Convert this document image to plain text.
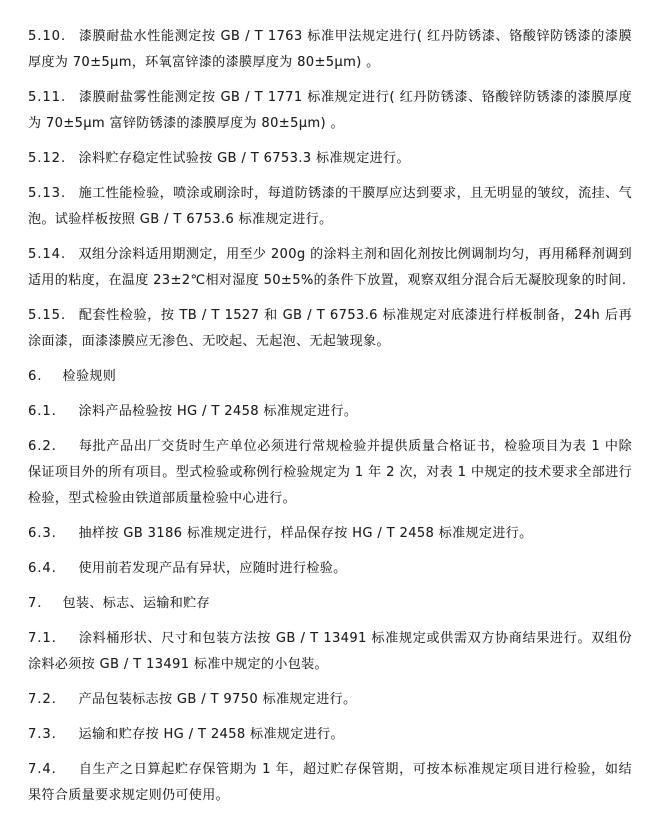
5.10. 漆膜耐盐水性能测定按 GB / T 1763 标准甲法规定进行( 红丹防锈漆、铬酸锌防锈漆的漆膜厚度为 70±5μm，环氧富锌漆的漆膜厚度为 80±5μm) 。

5.11. 漆膜耐盐雾性能测定按 GB / T 1771 标准规定进行( 红丹防锈漆、铬酸锌防锈漆的漆膜厚度为 70±5μm 富锌防锈漆的漆膜厚度为 80±5μm) 。

5.12. 涂料贮存稳定性试验按 GB / T 6753.3 标准规定进行。

5.13. 施工性能检验，喷涂或刷涂时，每道防锈漆的干膜厚应达到要求，且无明显的皱纹，流挂、气泡。试验样板按照 GB / T 6753.6 标准规定进行。

5.14. 双组分涂料适用期测定，用至少 200g 的涂料主剂和固化剂按比例调制均匀，再用稀释剂调到适用的粘度，在温度 23±2℃相对湿度 50±5%的条件下放置，观察双组分混合后无凝胶现象的时间.

5.15. 配套性检验，按 TB / T 1527 和 GB / T 6753.6 标准规定对底漆进行样板制备，24h 后再涂面漆，面漆漆膜应无渗色、无咬起、无起泡、无起皱现象。

6. 检验规则

6.1. 涂料产品检验按 HG / T 2458 标准规定进行。

6.2. 每批产品出厂交货时生产单位必须进行常规检验并提供质量合格证书，检验项目为表 1 中除保证项目外的所有项目。型式检验或称例行检验规定为 1 年 2 次，对表 1 中规定的技术要求全部进行检验，型式检验由铁道部质量检验中心进行。

6.3. 抽样按 GB 3186 标准规定进行，样品保存按 HG / T 2458 标准规定进行。

6.4. 使用前若发现产品有异状，应随时进行检验。

7. 包装、标志、运输和贮存

7.1. 涂料桶形状、尺寸和包装方法按 GB / T 13491 标准规定或供需双方协商结果进行。双组份涂料必须按 GB / T 13491 标准中规定的小包装。

7.2. 产品包装标志按 GB / T 9750 标准规定进行。

7.3. 运输和贮存按 HG / T 2458 标准规定进行。

7.4. 自生产之日算起贮存保管期为 1 年，超过贮存保管期，可按本标准规定项目进行检验，如结果符合质量要求规定则仍可使用。
